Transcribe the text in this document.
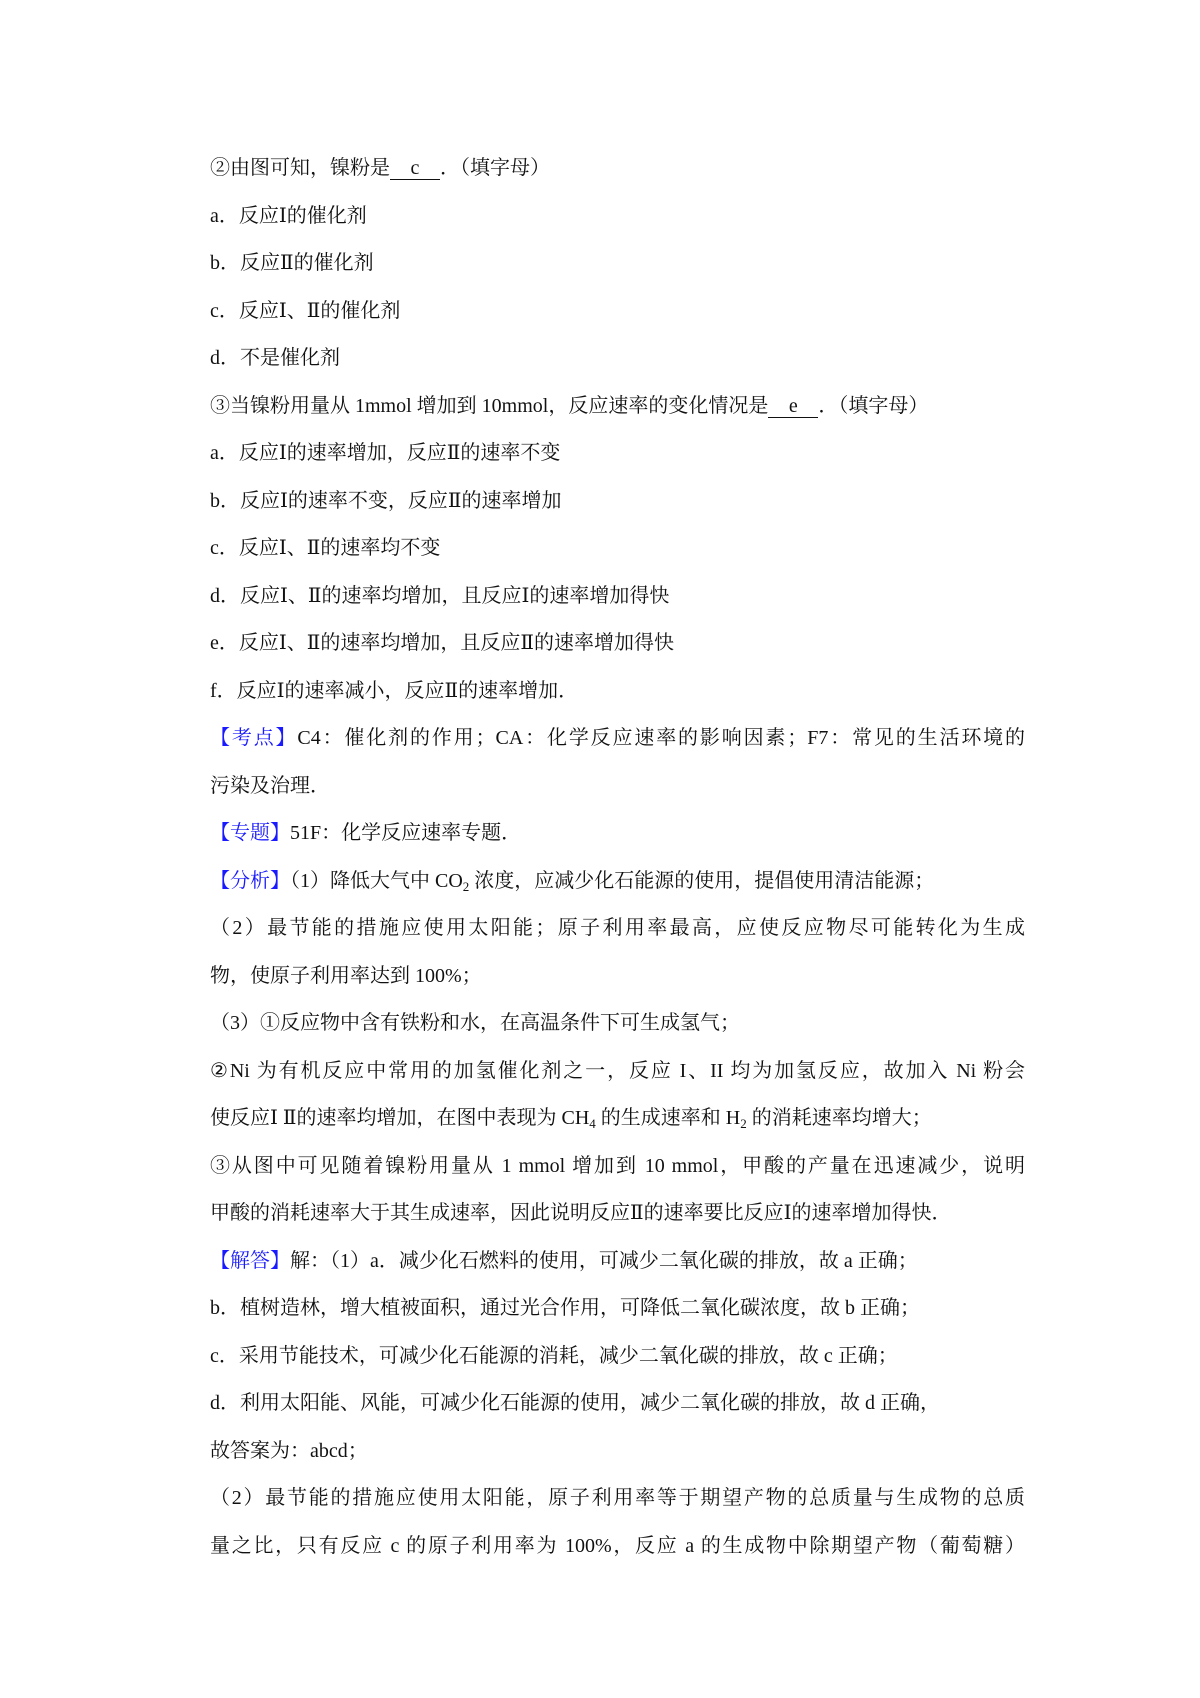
②由图可知，镍粉是 c ．（填字母）
a．反应Ⅰ的催化剂
b．反应Ⅱ的催化剂
c．反应Ⅰ、Ⅱ的催化剂
d．不是催化剂
③当镍粉用量从 1mmol 增加到 10mmol，反应速率的变化情况是 e ．（填字母）
a．反应Ⅰ的速率增加，反应Ⅱ的速率不变
b．反应Ⅰ的速率不变，反应Ⅱ的速率增加
c．反应Ⅰ、Ⅱ的速率均不变
d．反应Ⅰ、Ⅱ的速率均增加，且反应Ⅰ的速率增加得快
e．反应Ⅰ、Ⅱ的速率均增加，且反应Ⅱ的速率增加得快
f．反应Ⅰ的速率减小，反应Ⅱ的速率增加．
【考点】C4：催化剂的作用；CA：化学反应速率的影响因素；F7：常见的生活环境的
污染及治理．
【专题】51F：化学反应速率专题．
【分析】（1）降低大气中 $CO_2$ 浓度，应减少化石能源的使用，提倡使用清洁能源；
（2）最节能的措施应使用太阳能；原子利用率最高，应使反应物尽可能转化为生成
物，使原子利用率达到 100%；
（3）①反应物中含有铁粉和水，在高温条件下可生成氢气；
②Ni 为有机反应中常用的加氢催化剂之一，反应 I、II 均为加氢反应，故加入 Ni 粉会
使反应Ⅰ Ⅱ的速率均增加，在图中表现为 $CH_4$ 的生成速率和 $H_2$ 的消耗速率均增大；
③从图中可见随着镍粉用量从 1 mmol 增加到 10 mmol，甲酸的产量在迅速减少，说明
甲酸的消耗速率大于其生成速率，因此说明反应Ⅱ的速率要比反应Ⅰ的速率增加得快．
【解答】解：（1）a．减少化石燃料的使用，可减少二氧化碳的排放，故 a 正确；
b．植树造林，增大植被面积，通过光合作用，可降低二氧化碳浓度，故 b 正确；
c．采用节能技术，可减少化石能源的消耗，减少二氧化碳的排放，故 c 正确；
d．利用太阳能、风能，可减少化石能源的使用，减少二氧化碳的排放，故 d 正确，
故答案为：abcd；
（2）最节能的措施应使用太阳能，原子利用率等于期望产物的总质量与生成物的总质
量之比，只有反应 c 的原子利用率为 100%，反应 a 的生成物中除期望产物（葡萄糖）
